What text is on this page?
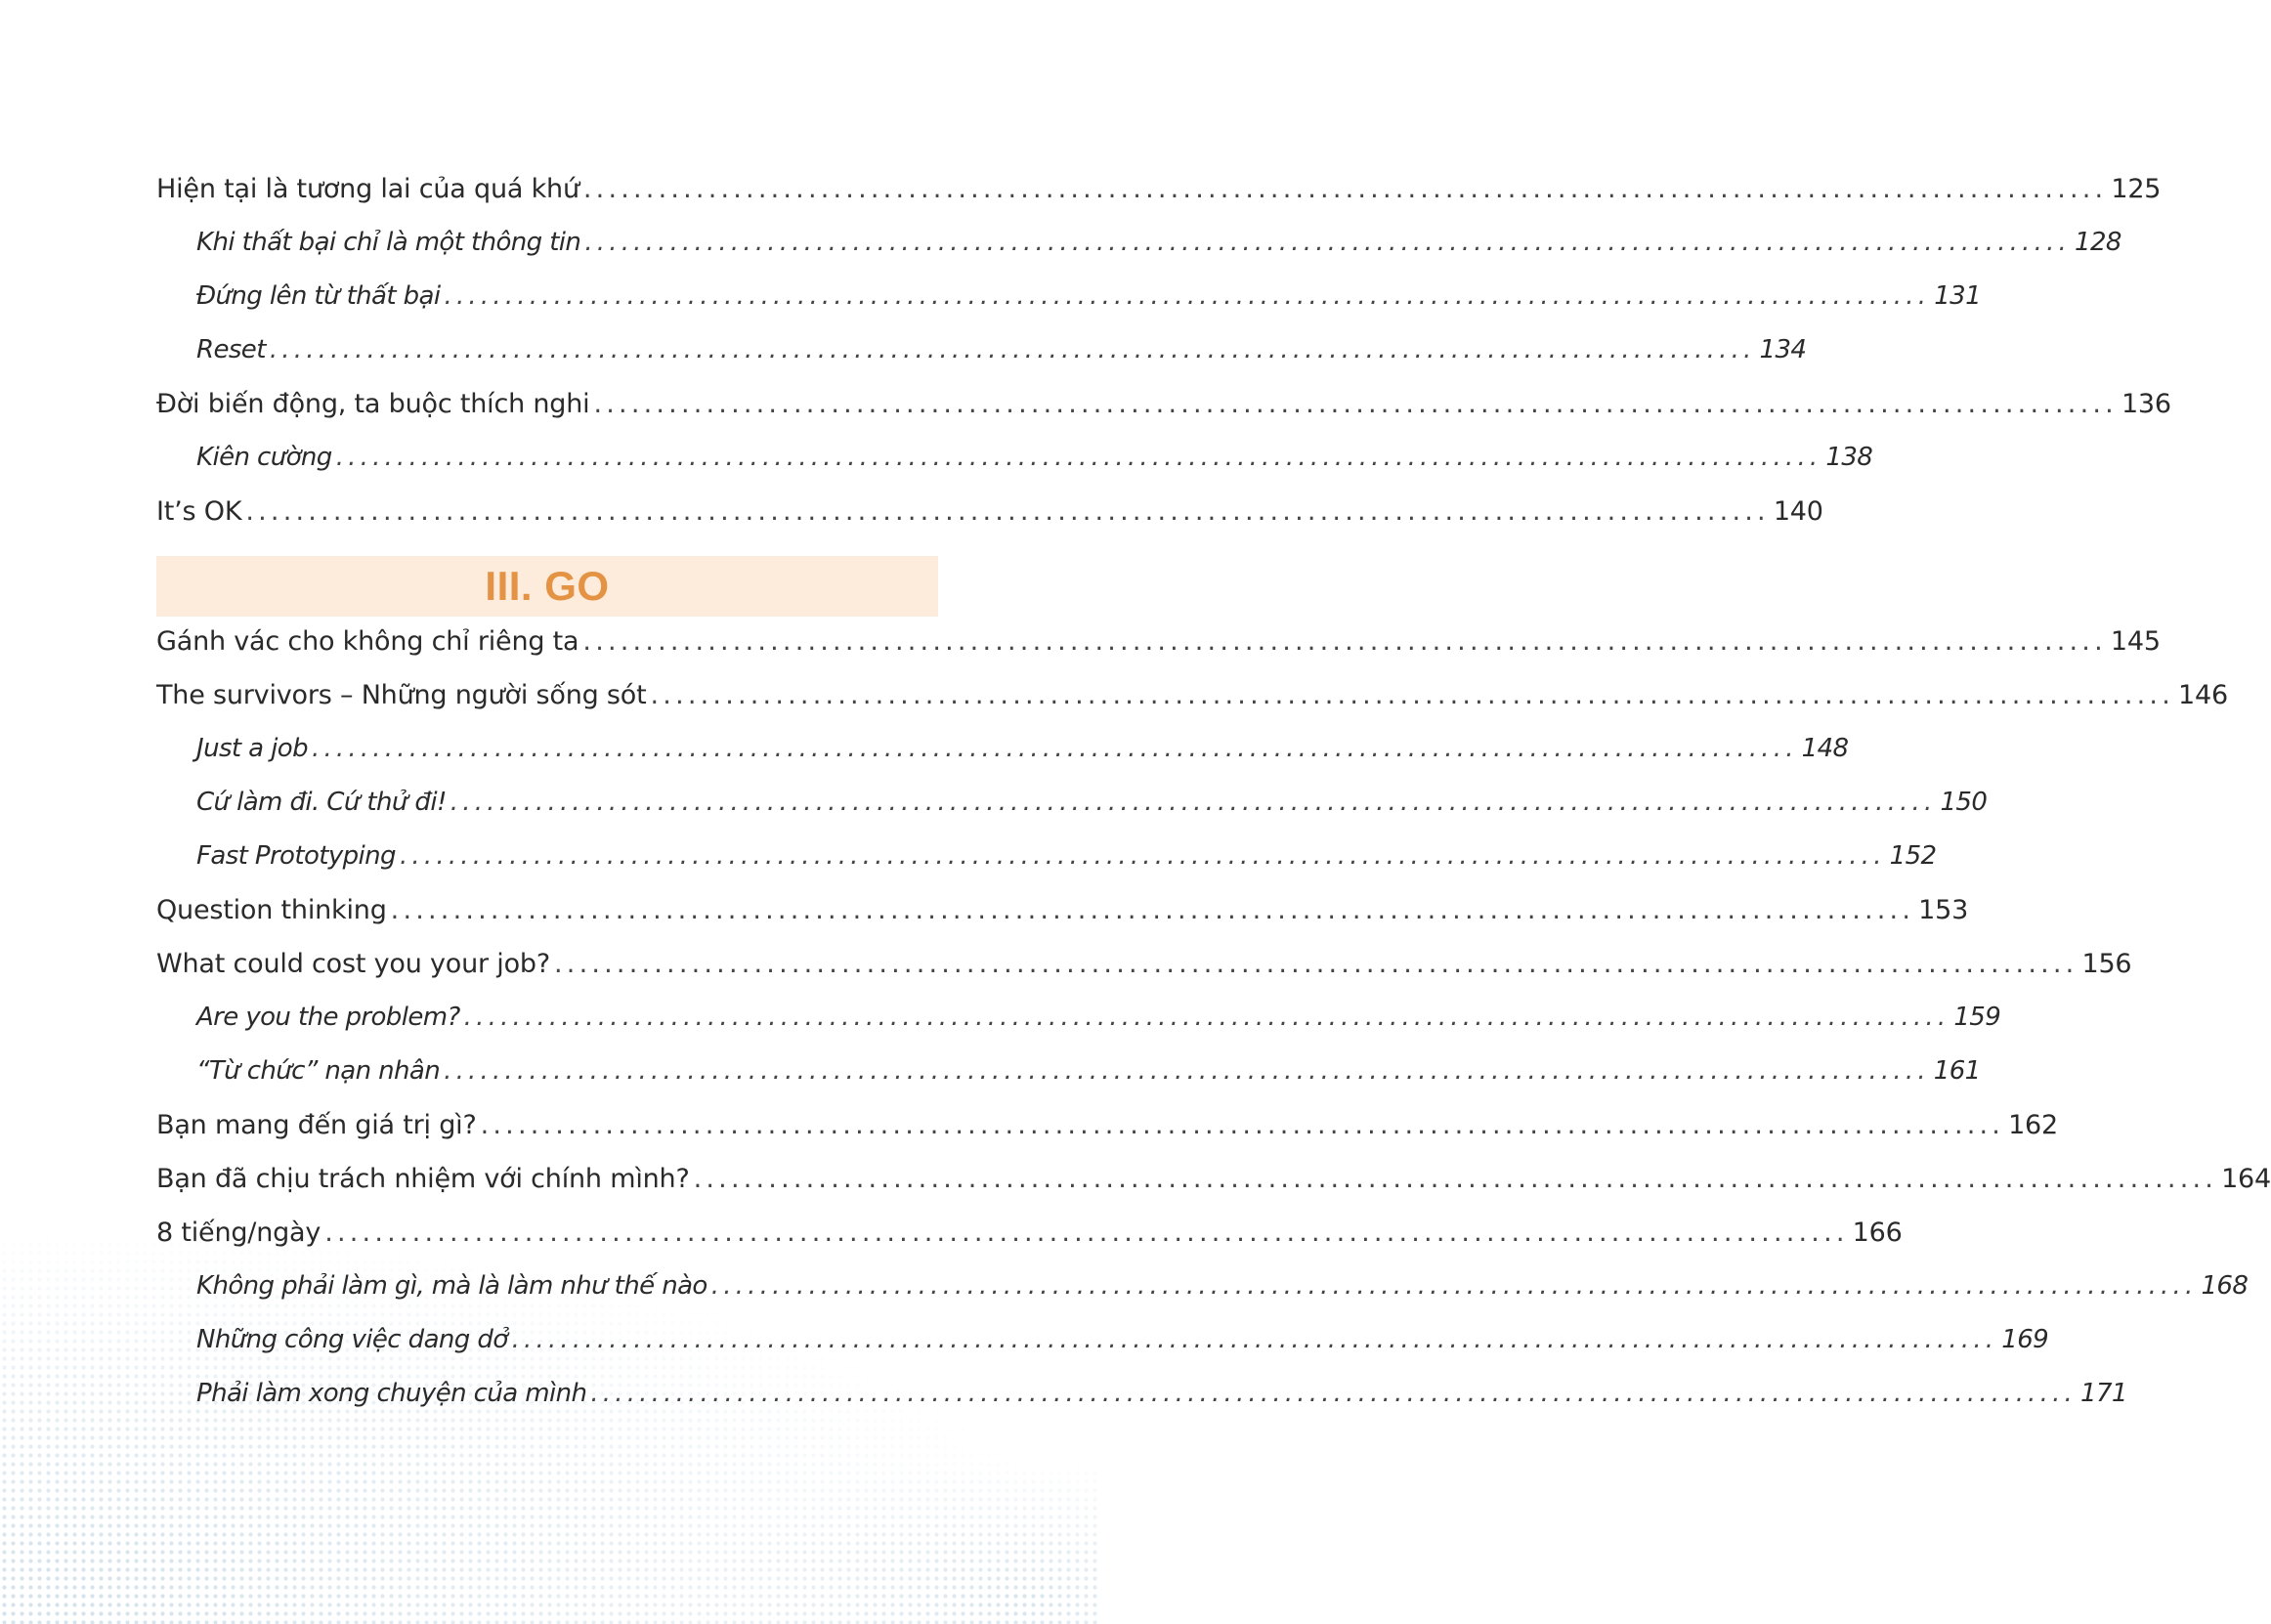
Hiện tại là tương lai của quá khứ .......................................................................................................................... 125
Khi thất bại chỉ là một thông tin .......................................................................................................................... 128
Đứng lên từ thất bại .......................................................................................................................... 131
Reset .......................................................................................................................... 134
Đời biến động, ta buộc thích nghi .......................................................................................................................... 136
Kiên cường .......................................................................................................................... 138
It’s OK .......................................................................................................................... 140
III. GO
Gánh vác cho không chỉ riêng ta .......................................................................................................................... 145
The survivors – Những người sống sót .......................................................................................................................... 146
Just a job .......................................................................................................................... 148
Cứ làm đi. Cứ thử đi! .......................................................................................................................... 150
Fast Prototyping .......................................................................................................................... 152
Question thinking .......................................................................................................................... 153
What could cost you your job? .......................................................................................................................... 156
Are you the problem? .......................................................................................................................... 159
“Từ chức” nạn nhân .......................................................................................................................... 161
Bạn mang đến giá trị gì? .......................................................................................................................... 162
Bạn đã chịu trách nhiệm với chính mình? .......................................................................................................................... 164
8 tiếng/ngày .......................................................................................................................... 166
Không phải làm gì, mà là làm như thế nào .......................................................................................................................... 168
Những công việc dang dở .......................................................................................................................... 169
Phải làm xong chuyện của mình .......................................................................................................................... 171
